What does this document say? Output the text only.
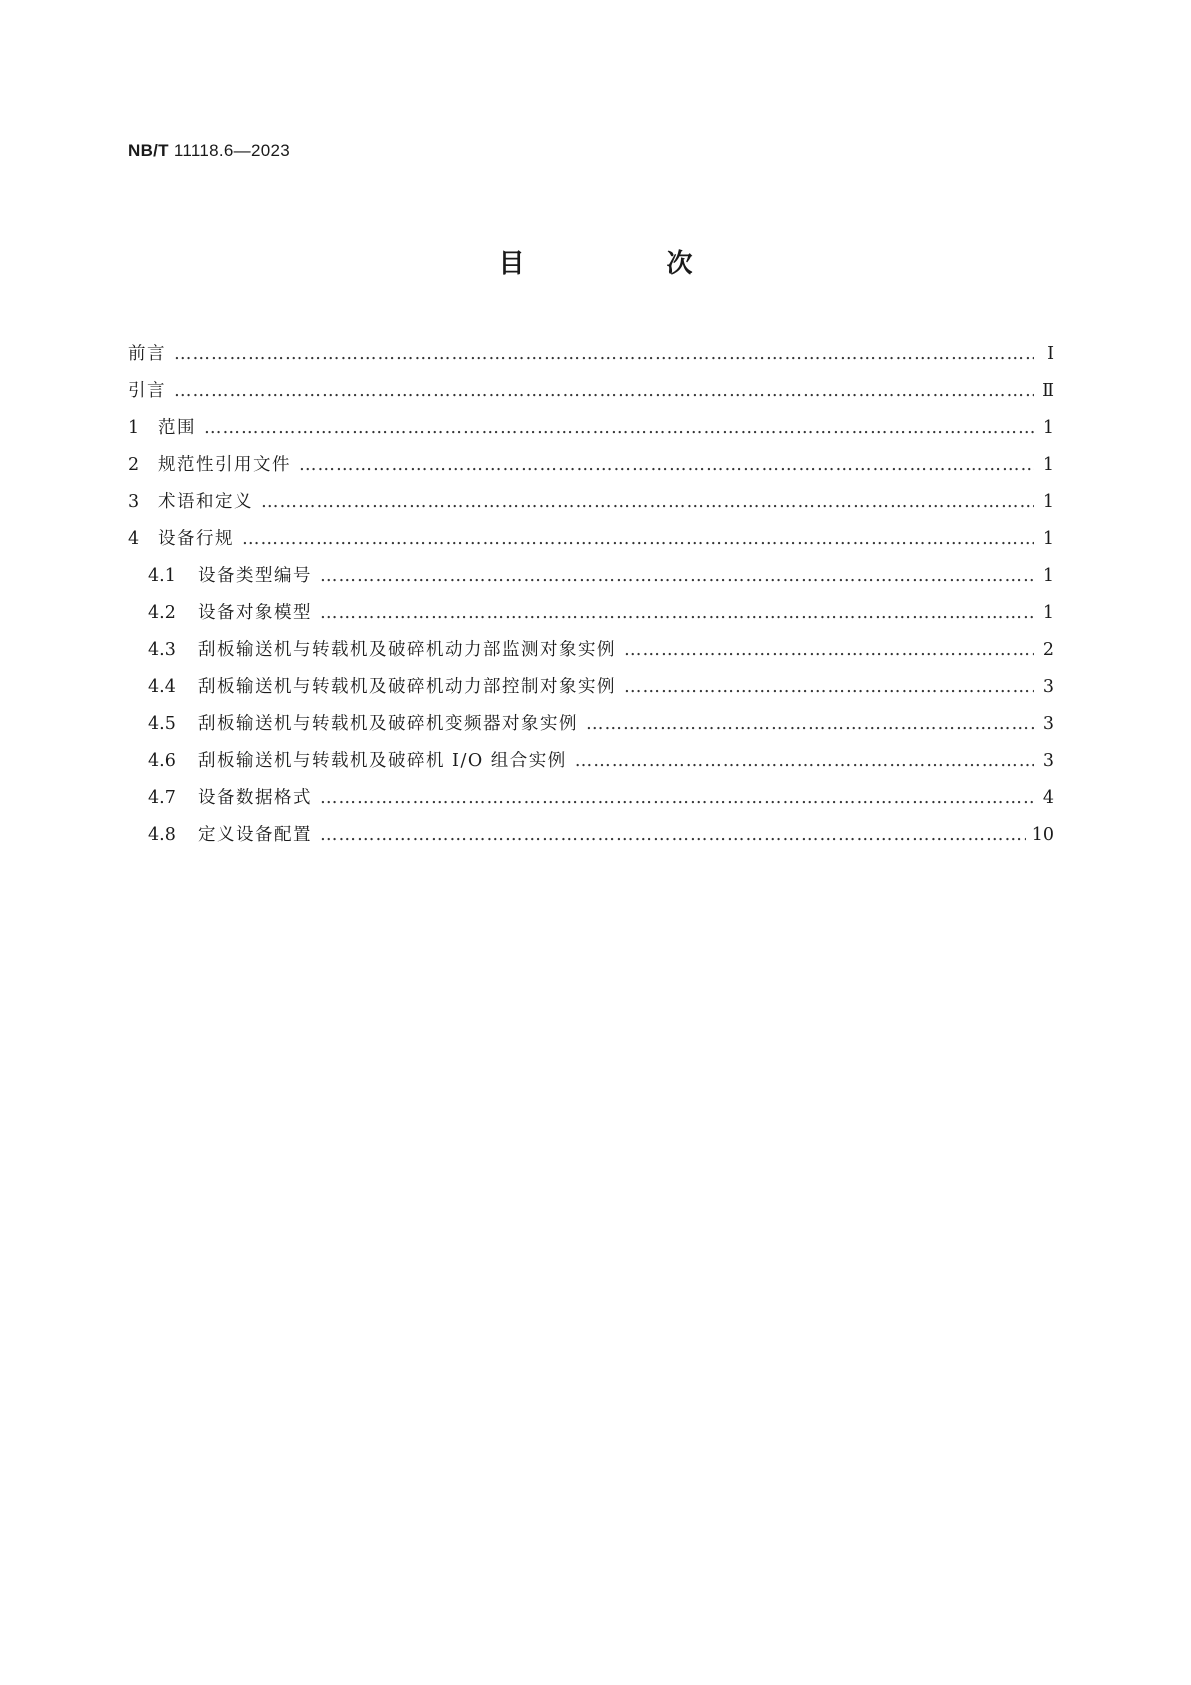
NB/T 11118.6—2023
目　次
前言 ………………………………………………………………………………………………………………………………………………………………………………………………………………	Ⅰ
引言 ………………………………………………………………………………………………………………………………………………………………………………………………………………	Ⅱ
1	范围 ………………………………………………………………………………………………………………………………………………………………………………………………………………	1
2	规范性引用文件 ………………………………………………………………………………………………………………………………………………………………………………………………………………	1
3	术语和定义 ………………………………………………………………………………………………………………………………………………………………………………………………………………	1
4	设备行规 ………………………………………………………………………………………………………………………………………………………………………………………………………………	1
4.1	设备类型编号 ………………………………………………………………………………………………………………………………………………………………………………………………………………	1
4.2	设备对象模型 ………………………………………………………………………………………………………………………………………………………………………………………………………………	1
4.3	刮板输送机与转载机及破碎机动力部监测对象实例 ………………………………………………………………………………………………………………………………………………………………………………………………………………	2
4.4	刮板输送机与转载机及破碎机动力部控制对象实例 ………………………………………………………………………………………………………………………………………………………………………………………………………………	3
4.5	刮板输送机与转载机及破碎机变频器对象实例 ………………………………………………………………………………………………………………………………………………………………………………………………………………	3
4.6	刮板输送机与转载机及破碎机 I/O 组合实例 ………………………………………………………………………………………………………………………………………………………………………………………………………………	3
4.7	设备数据格式 ………………………………………………………………………………………………………………………………………………………………………………………………………………	4
4.8	定义设备配置 ………………………………………………………………………………………………………………………………………………………………………………………………………………	10
